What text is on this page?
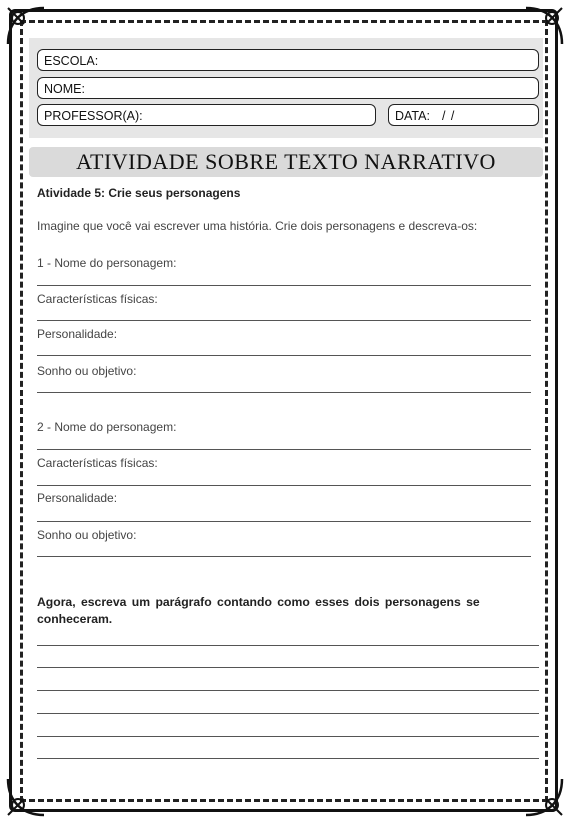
ESCOLA:
NOME:
PROFESSOR(A):	DATA: / /
ATIVIDADE SOBRE TEXTO NARRATIVO
Atividade 5: Crie seus personagens
Imagine que você vai escrever uma história. Crie dois personagens e descreva-os:
1 - Nome do personagem:
Características físicas:
Personalidade:
Sonho ou objetivo:
2 - Nome do personagem:
Características físicas:
Personalidade:
Sonho ou objetivo:
Agora, escreva um parágrafo contando como esses dois personagens se conheceram.
